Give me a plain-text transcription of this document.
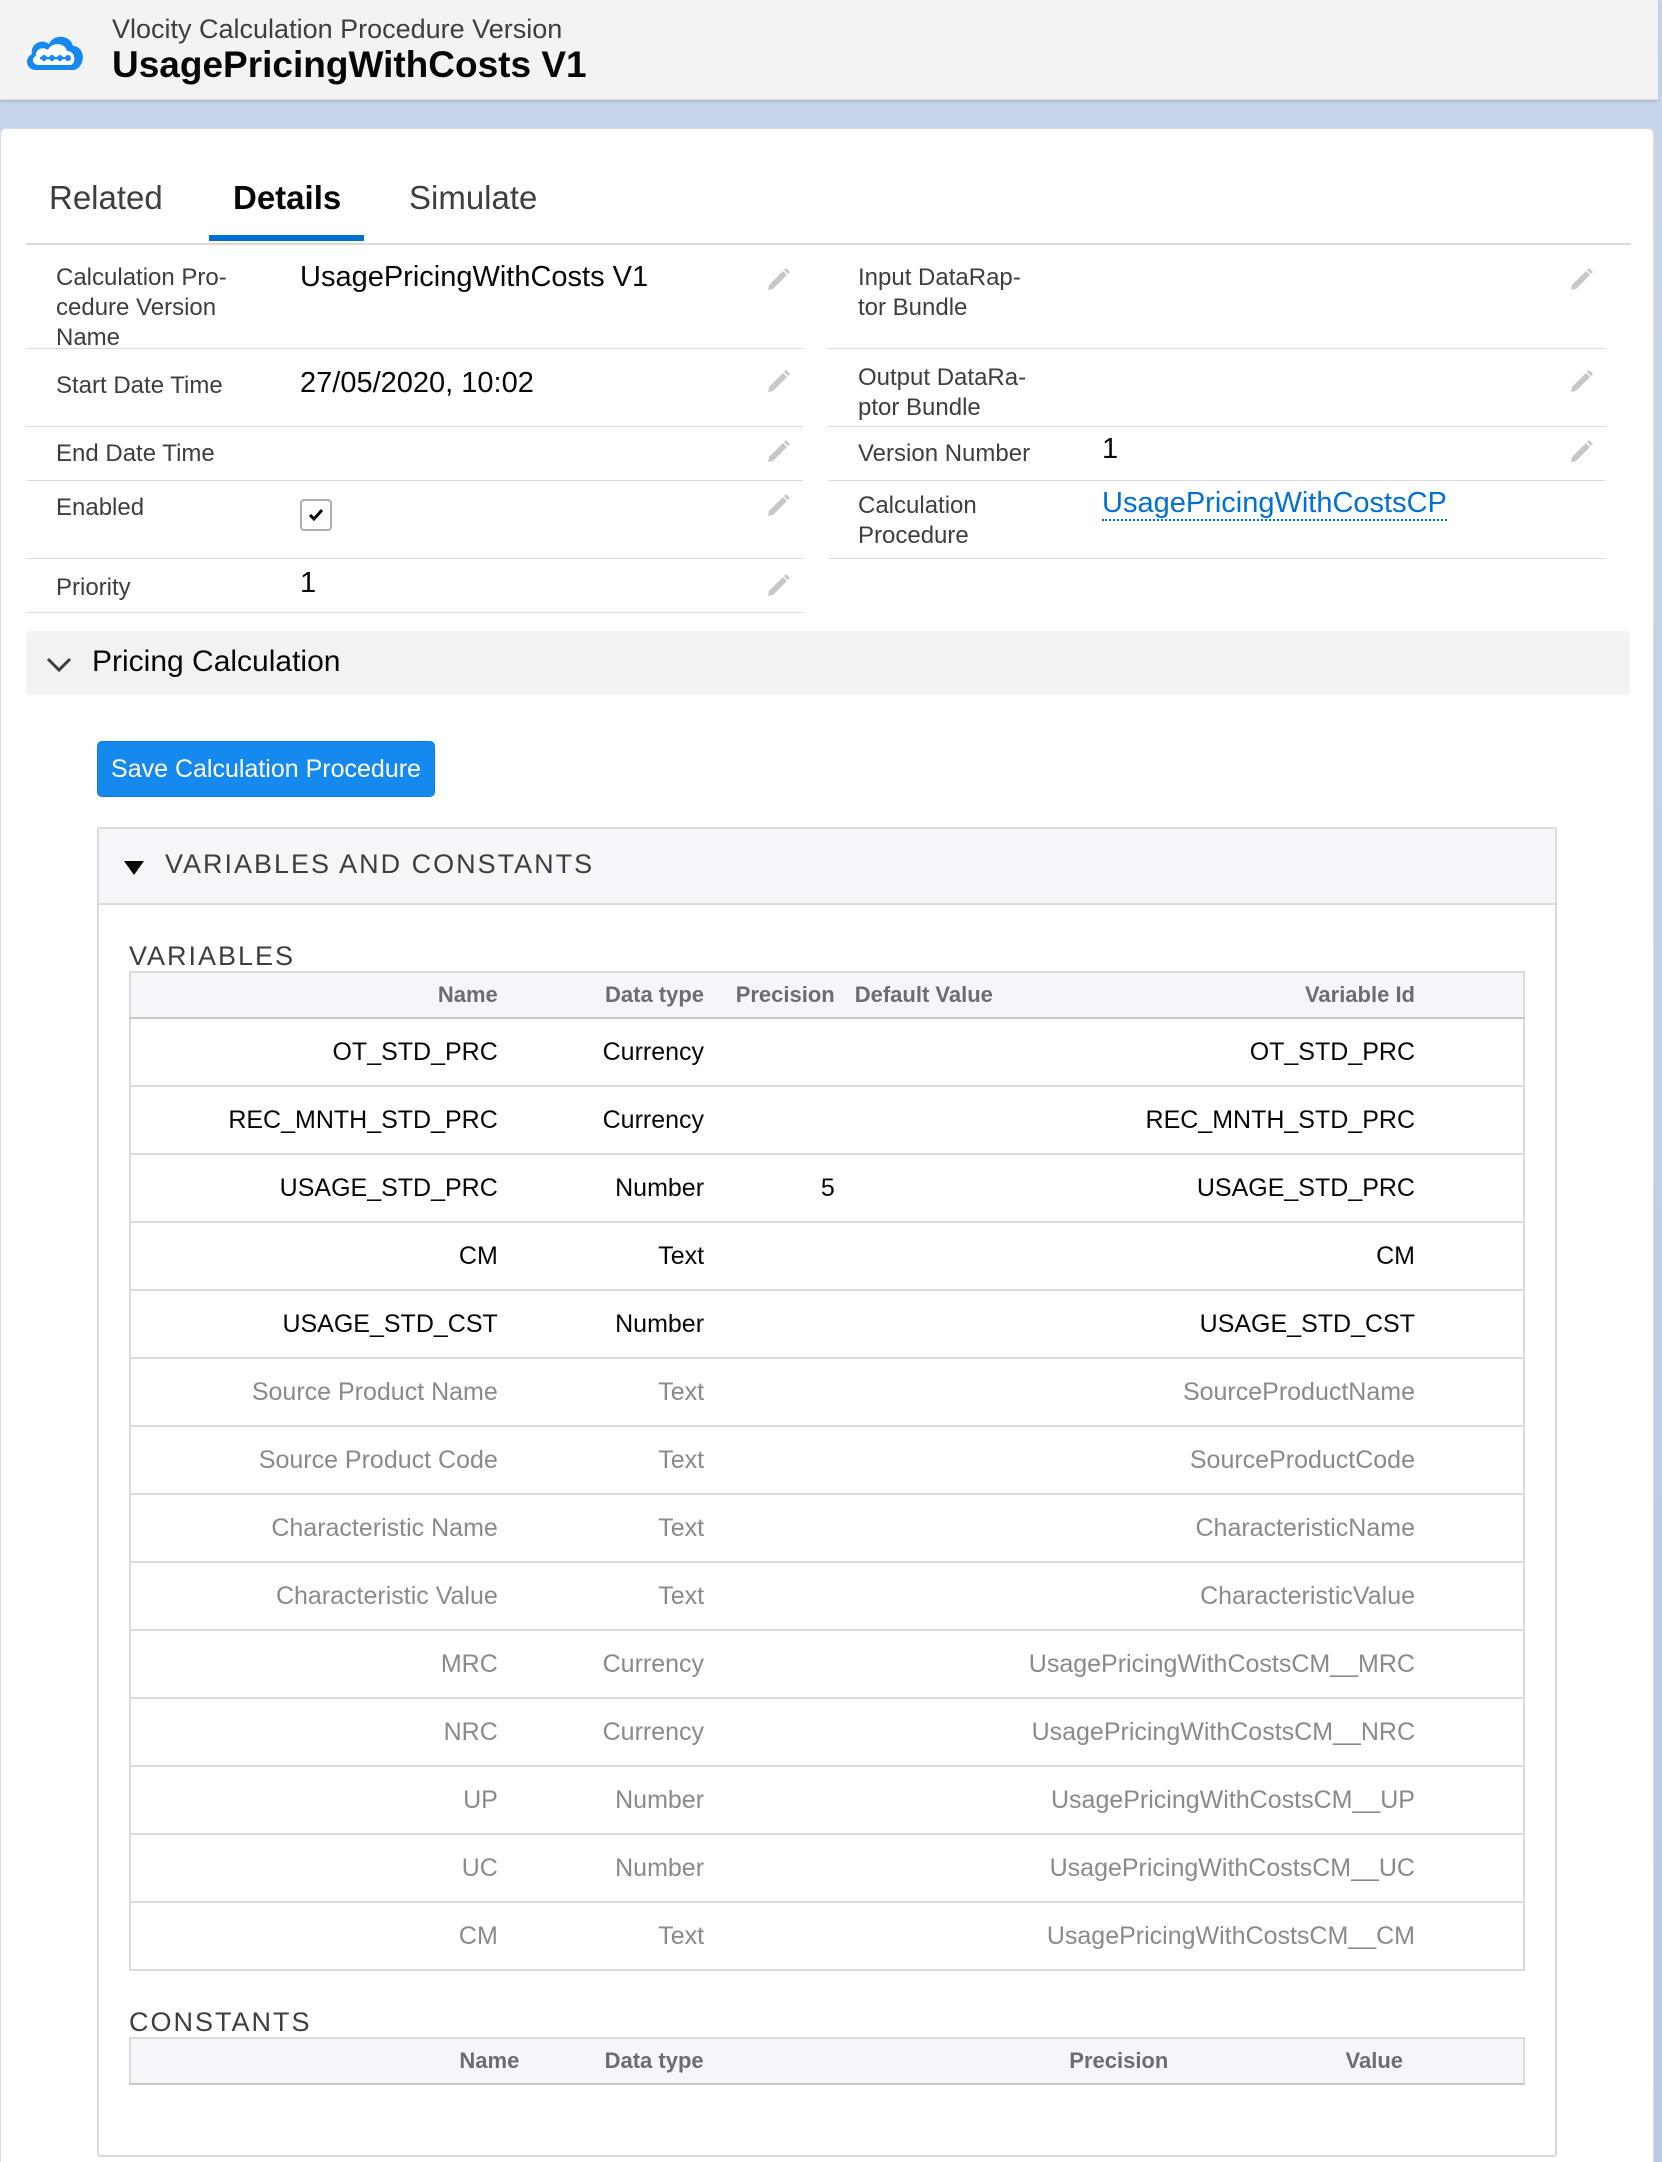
Vlocity Calculation Procedure Version
UsagePricingWithCosts V1
Related Details Simulate
Calculation Pro-
cedure Version
Name
UsagePricingWithCosts V1
Start Date Time	27/05/2020, 10:02
End Date Time
Enabled
Priority	1
Input DataRap-
tor Bundle
Output DataRa-
ptor Bundle
Version Number 1
Calculation
Procedure
UsagePricingWithCostsCP
Pricing Calculation
Save Calculation Procedure
VARIABLES AND CONSTANTS
VARIABLES
Name	Data type	Precision	Default Value	Variable Id
OT_STD_PRC	Currency			OT_STD_PRC
REC_MNTH_STD_PRC	Currency			REC_MNTH_STD_PRC
USAGE_STD_PRC	Number	5		USAGE_STD_PRC
CM	Text			CM
USAGE_STD_CST	Number			USAGE_STD_CST
Source Product Name	Text			SourceProductName
Source Product Code	Text			SourceProductCode
Characteristic Name	Text			CharacteristicName
Characteristic Value	Text			CharacteristicValue
MRC	Currency			UsagePricingWithCostsCM__MRC
NRC	Currency			UsagePricingWithCostsCM__NRC
UP	Number			UsagePricingWithCostsCM__UP
UC	Number			UsagePricingWithCostsCM__UC
CM	Text			UsagePricingWithCostsCM__CM
CONSTANTS
Name	Data type	Precision	Value
